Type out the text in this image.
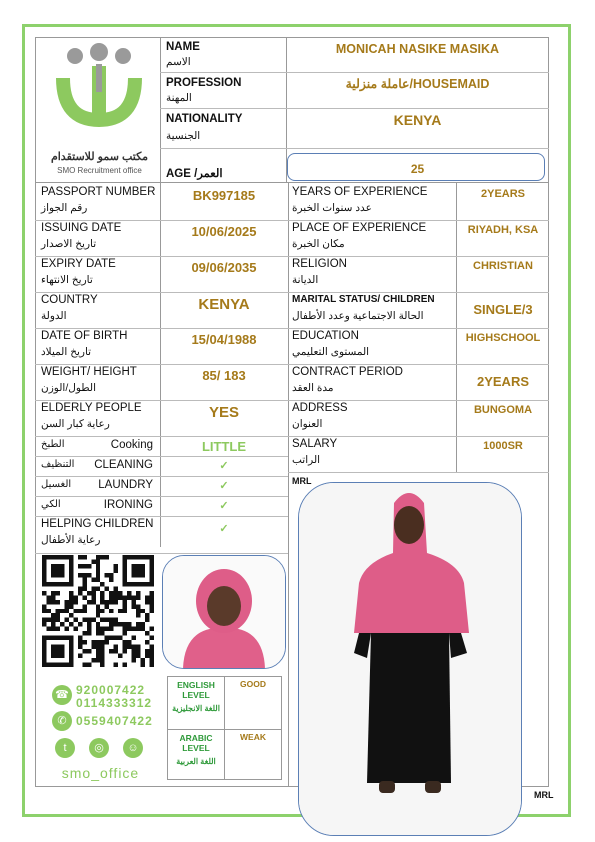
مكتب سمو للاستقدام
SMO Recruitment office
NAME
الاسم
MONICAH NASIKE MASIKA
PROFESSION
المهنة
عاملة منزلية/HOUSEMAID
NATIONALITY
الجنسية
KENYA
AGE /العمر	25
PASSPORT NUMBER
رقم الجواز
BK997185
ISSUING DATE
تاريخ الاصدار
10/06/2025
EXPIRY DATE
تاريخ الانتهاء
09/06/2035
COUNTRY
الدولة
KENYA
DATE OF BIRTH
تاريخ الميلاد
15/04/1988
WEIGHT/ HEIGHT
الطول/الوزن
85/ 183
ELDERLY PEOPLE
رعاية كبار السن
YES
YEARS OF EXPERIENCE
عدد سنوات الخبرة
2YEARS
PLACE OF EXPERIENCE
مكان الخبرة
RIYADH, KSA
RELIGION
الديانة
CHRISTIAN
MARITAL STATUS/ CHILDREN
الحالة الاجتماعية وعدد الأطفال	SINGLE/3
EDUCATION
المستوى التعليمي
HIGHSCHOOL
CONTRACT PERIOD
مدة العقد	2YEARS
ADDRESS
العنوان
BUNGOMA
SALARY
الراتب
1000SR
الطبخ	Cooking	LITTLE
التنظيف CLEANING	✓
الغسيل LAUNDRY	✓
الكي	IRONING	✓
HELPING CHILDREN
رعاية الأطفال
✓
☎ 920007422
0114333312
✆ 0559407422
t	◎	☺
smo_office
ENGLISH LEVEL
اللغة الانجليزية
GOOD
ARABIC LEVEL
اللغة العربية
WEAK
MRL
MRL
